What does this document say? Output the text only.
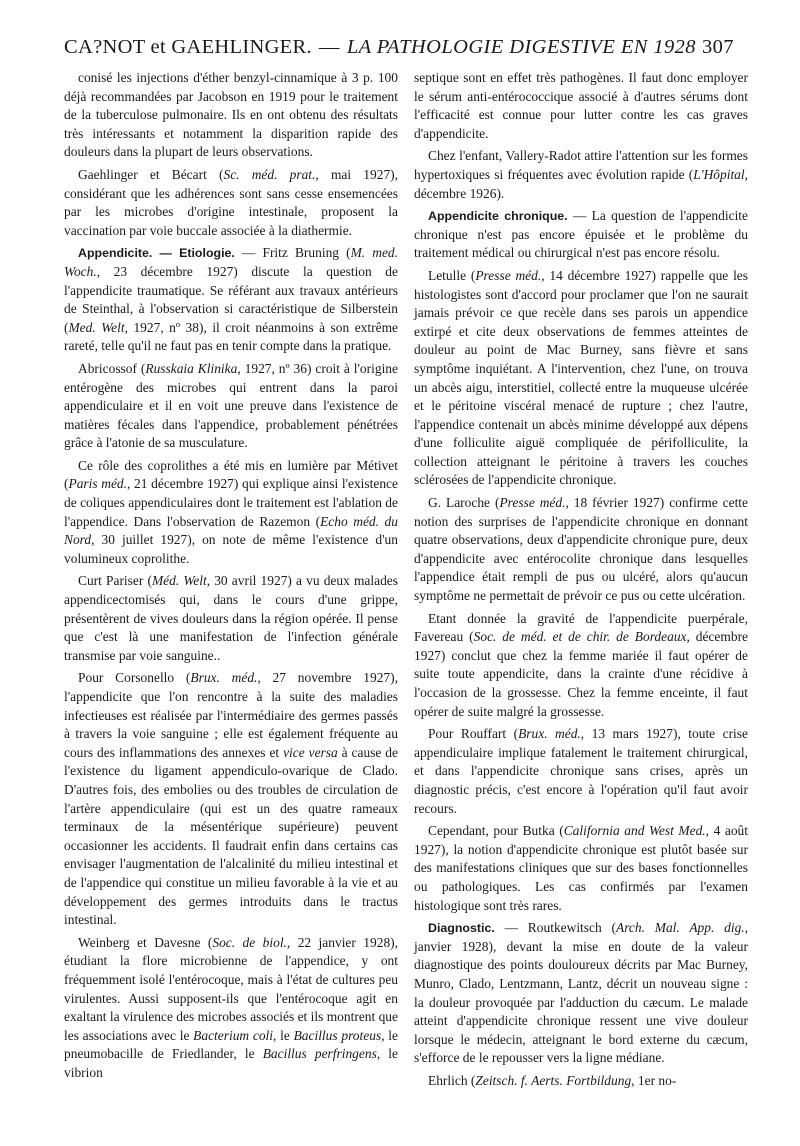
CA?NOT et GAEHLINGER. — LA PATHOLOGIE DIGESTIVE EN 1928 307

conisé les injections d'éther benzyl-cinnamique à 3 p. 100 déjà recommandées par Jacobson en 1919 pour le traitement de la tuberculose pulmonaire. Ils en ont obtenu des résultats très intéressants et notamment la disparition rapide des douleurs dans la plupart de leurs observations.

Gaehlinger et Bécart (Sc. méd. prat., mai 1927), considérant que les adhérences sont sans cesse ensemencées par les microbes d'origine intestinale, proposent la vaccination par voie buccale associée à la diathermie.

Appendicite. — Etiologie. — Fritz Bruning (M. med. Woch., 23 décembre 1927) discute la question de l'appendicite traumatique. Se référant aux travaux antérieurs de Steinthal, à l'observation si caractéristique de Silberstein (Med. Welt, 1927, nº 38), il croit néanmoins à son extrême rareté, telle qu'il ne faut pas en tenir compte dans la pratique.

Abricossof (Russkaia Klinika, 1927, nº 36) croit à l'origine entérogène des microbes qui entrent dans la paroi appendiculaire et il en voit une preuve dans l'existence de matières fécales dans l'appendice, probablement pénétrées grâce à l'atonie de sa musculature.

Ce rôle des coprolithes a été mis en lumière par Métivet (Paris méd., 21 décembre 1927) qui explique ainsi l'existence de coliques appendiculaires dont le traitement est l'ablation de l'appendice. Dans l'observation de Razemon (Echo méd. du Nord, 30 juillet 1927), on note de même l'existence d'un volumineux coprolithe.

Curt Pariser (Méd. Welt, 30 avril 1927) a vu deux malades appendicectomisés qui, dans le cours d'une grippe, présentèrent de vives douleurs dans la région opérée. Il pense que c'est là une manifestation de l'infection générale transmise par voie sanguine..

Pour Corsonello (Brux. méd., 27 novembre 1927), l'appendicite que l'on rencontre à la suite des maladies infectieuses est réalisée par l'intermédiaire des germes passés à travers la voie sanguine ; elle est également fréquente au cours des inflammations des annexes et vice versa à cause de l'existence du ligament appendiculo-ovarique de Clado. D'autres fois, des embolies ou des troubles de circulation de l'artère appendiculaire (qui est un des quatre rameaux terminaux de la mésentérique supérieure) peuvent occasionner les accidents. Il faudrait enfin dans certains cas envisager l'augmentation de l'alcalinité du milieu intestinal et de l'appendice qui constitue un milieu favorable à la vie et au développement des germes introduits dans le tractus intestinal.

Weinberg et Davesne (Soc. de biol., 22 janvier 1928), étudiant la flore microbienne de l'appendice, y ont fréquemment isolé l'entérocoque, mais à l'état de cultures peu virulentes. Aussi supposent-ils que l'entérocoque agit en exaltant la virulence des microbes associés et ils montrent que les associations avec le Bacterium coli, le Bacillus proteus, le pneumobacille de Friedlander, le Bacillus perfringens, le vibrion

septique sont en effet très pathogènes. Il faut donc employer le sérum anti-entérococcique associé à d'autres sérums dont l'efficacité est connue pour lutter contre les cas graves d'appendicite.

Chez l'enfant, Vallery-Radot attire l'attention sur les formes hypertoxiques si fréquentes avec évolution rapide (L'Hôpital, décembre 1926).

Appendicite chronique. — La question de l'appendicite chronique n'est pas encore épuisée et le problème du traitement médical ou chirurgical n'est pas encore résolu.

Letulle (Presse méd., 14 décembre 1927) rappelle que les histologistes sont d'accord pour proclamer que l'on ne saurait jamais prévoir ce que recèle dans ses parois un appendice extirpé et cite deux observations de femmes atteintes de douleur au point de Mac Burney, sans fièvre et sans symptôme inquiétant. A l'intervention, chez l'une, on trouva un abcès aigu, interstitiel, collecté entre la muqueuse ulcérée et le péritoine viscéral menacé de rupture ; chez l'autre, l'appendice contenait un abcès minime développé aux dépens d'une folliculite aiguë compliquée de périfolliculite, la collection atteignant le péritoine à travers les couches sclérosées de l'appendicite chronique.

G. Laroche (Presse méd., 18 février 1927) confirme cette notion des surprises de l'appendicite chronique en donnant quatre observations, deux d'appendicite chronique pure, deux d'appendicite avec entérocolite chronique dans lesquelles l'appendice était rempli de pus ou ulcéré, alors qu'aucun symptôme ne permettait de prévoir ce pus ou cette ulcération.

Etant donnée la gravité de l'appendicite puerpérale, Favereau (Soc. de méd. et de chir. de Bordeaux, décembre 1927) conclut que chez la femme mariée il faut opérer de suite toute appendicite, dans la crainte d'une récidive à l'occasion de la grossesse. Chez la femme enceinte, il faut opérer de suite malgré la grossesse.

Pour Rouffart (Brux. méd., 13 mars 1927), toute crise appendiculaire implique fatalement le traitement chirurgical, et dans l'appendicite chronique sans crises, après un diagnostic précis, c'est encore à l'opération qu'il faut avoir recours.

Cependant, pour Butka (California and West Med., 4 août 1927), la notion d'appendicite chronique est plutôt basée sur des manifestations cliniques que sur des bases fonctionnelles ou pathologiques. Les cas confirmés par l'examen histologique sont très rares.

Diagnostic. — Routkewitsch (Arch. Mal. App. dig., janvier 1928), devant la mise en doute de la valeur diagnostique des points douloureux décrits par Mac Burney, Munro, Clado, Lentzmann, Lantz, décrit un nouveau signe : la douleur provoquée par l'adduction du cæcum. Le malade atteint d'appendicite chronique ressent une vive douleur lorsque le médecin, atteignant le bord externe du cæcum, s'efforce de le repousser vers la ligne médiane.

Ehrlich (Zeitsch. f. Aerts. Fortbildung, 1er no-
